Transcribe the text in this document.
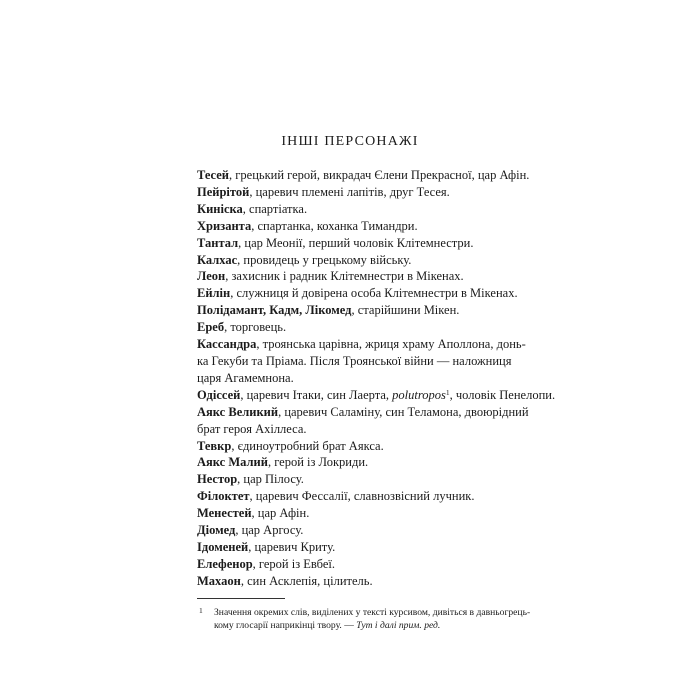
ІНШІ ПЕРСОНАЖІ
Тесей, грецький герой, викрадач Єлени Прекрасної, цар Афін.
Пейрітой, царевич племені лапітів, друг Тесея.
Киніска, спартіатка.
Хризанта, спартанка, коханка Тимандри.
Тантал, цар Меонії, перший чоловік Клітемнестри.
Калхас, провидець у грецькому війську.
Леон, захисник і радник Клітемнестри в Мікенах.
Ейлін, служниця й довірена особа Клітемнестри в Мікенах.
Полідамант, Кадм, Лікомед, старійшини Мікен.
Ереб, торговець.
Кассандра, троянська царівна, жриця храму Аполлона, донь-
ка Гекуби та Пріама. Після Троянської війни — наложниця
царя Агамемнона.
Одіссей, царевич Ітаки, син Лаерта, polutropos$^1$, чоловік Пенелопи.
Аякс Великий, царевич Саламіну, син Теламона, двоюрідний
брат героя Ахіллеса.
Тевкр, єдиноутробний брат Аякса.
Аякс Малий, герой із Локриди.
Нестор, цар Пілосу.
Філоктет, царевич Фессалії, славнозвісний лучник.
Менестей, цар Афін.
Діомед, цар Аргосу.
Ідоменей, царевич Криту.
Елефенор, герой із Евбеї.
Махаон, син Асклепія, цілитель.
1	Значення окремих слів, виділених у тексті курсивом, дивіться в давньогрець-
кому глосарії наприкінці твору. — Тут і далі прим. ред.
